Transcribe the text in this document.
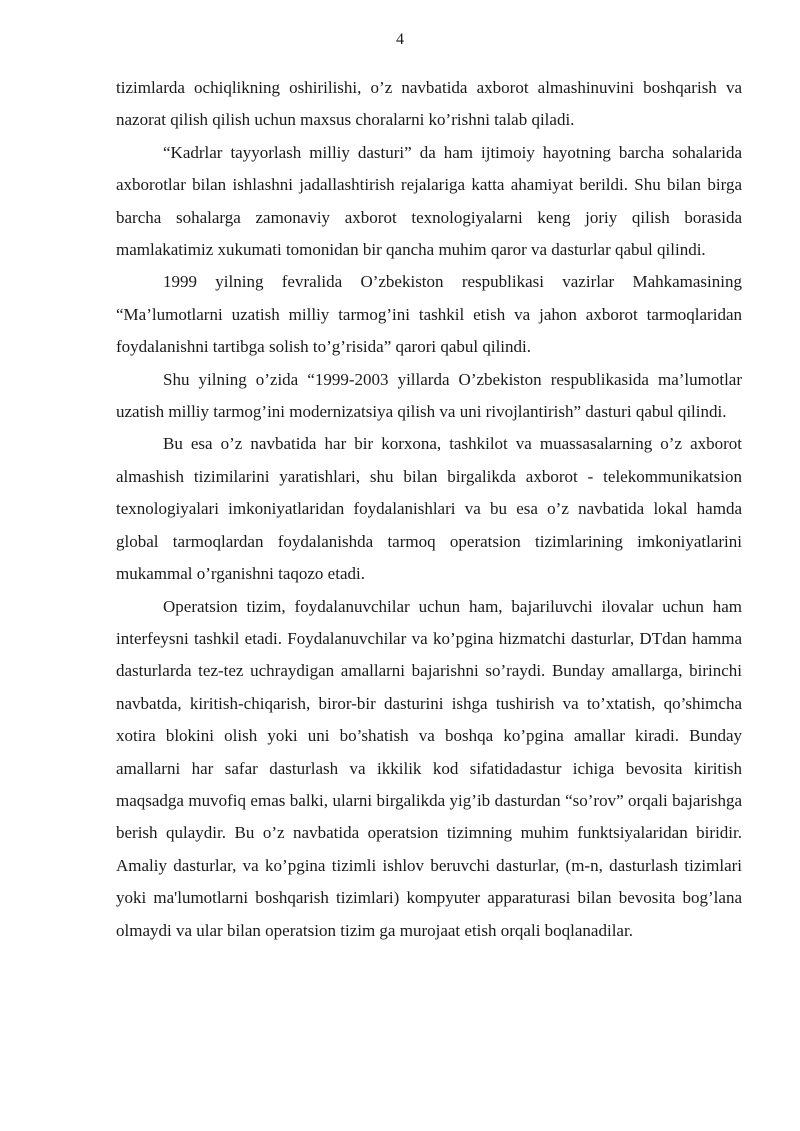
4

tizimlarda ochiqlikning oshirilishi, o’z navbatida axborot almashinuvini boshqarish va nazorat qilish qilish uchun maxsus choralarni ko’rishni talab qiladi.

“Kadrlar tayyorlash milliy dasturi” da ham ijtimoiy hayotning barcha sohalarida axborotlar bilan ishlashni jadallashtirish rejalariga katta ahamiyat berildi. Shu bilan birga barcha sohalarga zamonaviy axborot texnologiyalarni keng joriy qilish borasida mamlakatimiz xukumati tomonidan bir qancha muhim qaror va dasturlar qabul qilindi.

1999 yilning fevralida O’zbekiston respublikasi vazirlar Mahkamasining “Ma’lumotlarni uzatish milliy tarmog’ini tashkil etish va jahon axborot tarmoqlaridan foydalanishni tartibga solish to’g’risida” qarori qabul qilindi.

Shu yilning o’zida “1999-2003 yillarda O’zbekiston respublikasida ma’lumotlar uzatish milliy tarmog’ini modernizatsiya qilish va uni rivojlantirish” dasturi qabul qilindi.

Bu esa o’z navbatida har bir korxona, tashkilot va muassasalarning o’z axborot almashish tizimilarini yaratishlari, shu bilan birgalikda axborot - telekommunikatsion texnologiyalari imkoniyatlaridan foydalanishlari va bu esa o’z navbatida lokal hamda global tarmoqlardan foydalanishda tarmoq operatsion tizimlarining imkoniyatlarini mukammal o’rganishni taqozo etadi.

Operatsion tizim, foydalanuvchilar uchun ham, bajariluvchi ilovalar uchun ham interfeysni tashkil etadi. Foydalanuvchilar va ko’pgina hizmatchi dasturlar, DTdan hamma dasturlarda tez-tez uchraydigan amallarni bajarishni so’raydi. Bunday amallarga, birinchi navbatda, kiritish-chiqarish, biror-bir dasturini ishga tushirish va to’xtatish, qo’shimcha xotira blokini olish yoki uni bo’shatish va boshqa ko’pgina amallar kiradi. Bunday amallarni har safar dasturlash va ikkilik kod sifatidadastur ichiga bevosita kiritish maqsadga muvofiq emas balki, ularni birgalikda yig’ib dasturdan “so’rov” orqali bajarishga berish qulaydir. Bu o’z navbatida operatsion tizimning muhim funktsiyalaridan biridir. Amaliy dasturlar, va ko’pgina tizimli ishlov beruvchi dasturlar, (m-n, dasturlash tizimlari yoki ma'lumotlarni boshqarish tizimlari) kompyuter apparaturasi bilan bevosita bog’lana olmaydi va ular bilan operatsion tizim ga murojaat etish orqali boqlanadilar.
